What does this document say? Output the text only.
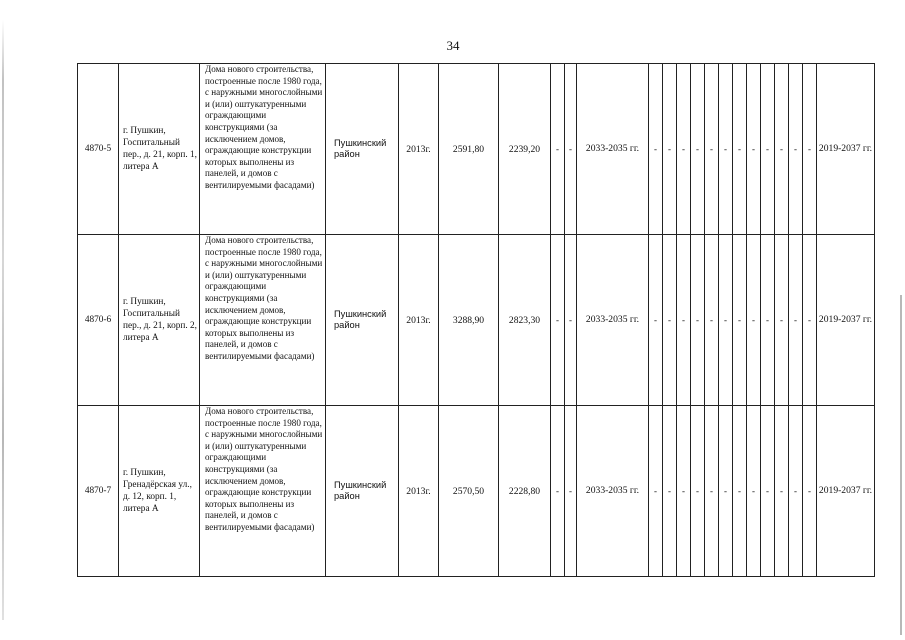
34
4870-5	г. Пушкин, Госпитальный пер., д. 21, корп. 1, литера А	Дома нового строительства, построенные после 1980 года, с наружными многослойными и (или) оштукатуренными ограждающими конструкциями (за исключением домов, ограждающие конструкции которых выполнены из панелей, и домов с вентилируемыми фасадами)	Пушкинский район	2013г.	2591,80	2239,20	-	-	2033-2035 гг.	-	-	-	-	-	-	-	-	-	-	-	-	2019-2037 гг.
4870-6	г. Пушкин, Госпитальный пер., д. 21, корп. 2, литера А	Дома нового строительства, построенные после 1980 года, с наружными многослойными и (или) оштукатуренными ограждающими конструкциями (за исключением домов, ограждающие конструкции которых выполнены из панелей, и домов с вентилируемыми фасадами)	Пушкинский район	2013г.	3288,90	2823,30	-	-	2033-2035 гг.	-	-	-	-	-	-	-	-	-	-	-	-	2019-2037 гг.
4870-7	г. Пушкин, Гренадёрская ул., д. 12, корп. 1, литера А	Дома нового строительства, построенные после 1980 года, с наружными многослойными и (или) оштукатуренными ограждающими конструкциями (за исключением домов, ограждающие конструкции которых выполнены из панелей, и домов с вентилируемыми фасадами)	Пушкинский район	2013г.	2570,50	2228,80	-	-	2033-2035 гг.	-	-	-	-	-	-	-	-	-	-	-	-	2019-2037 гг.
